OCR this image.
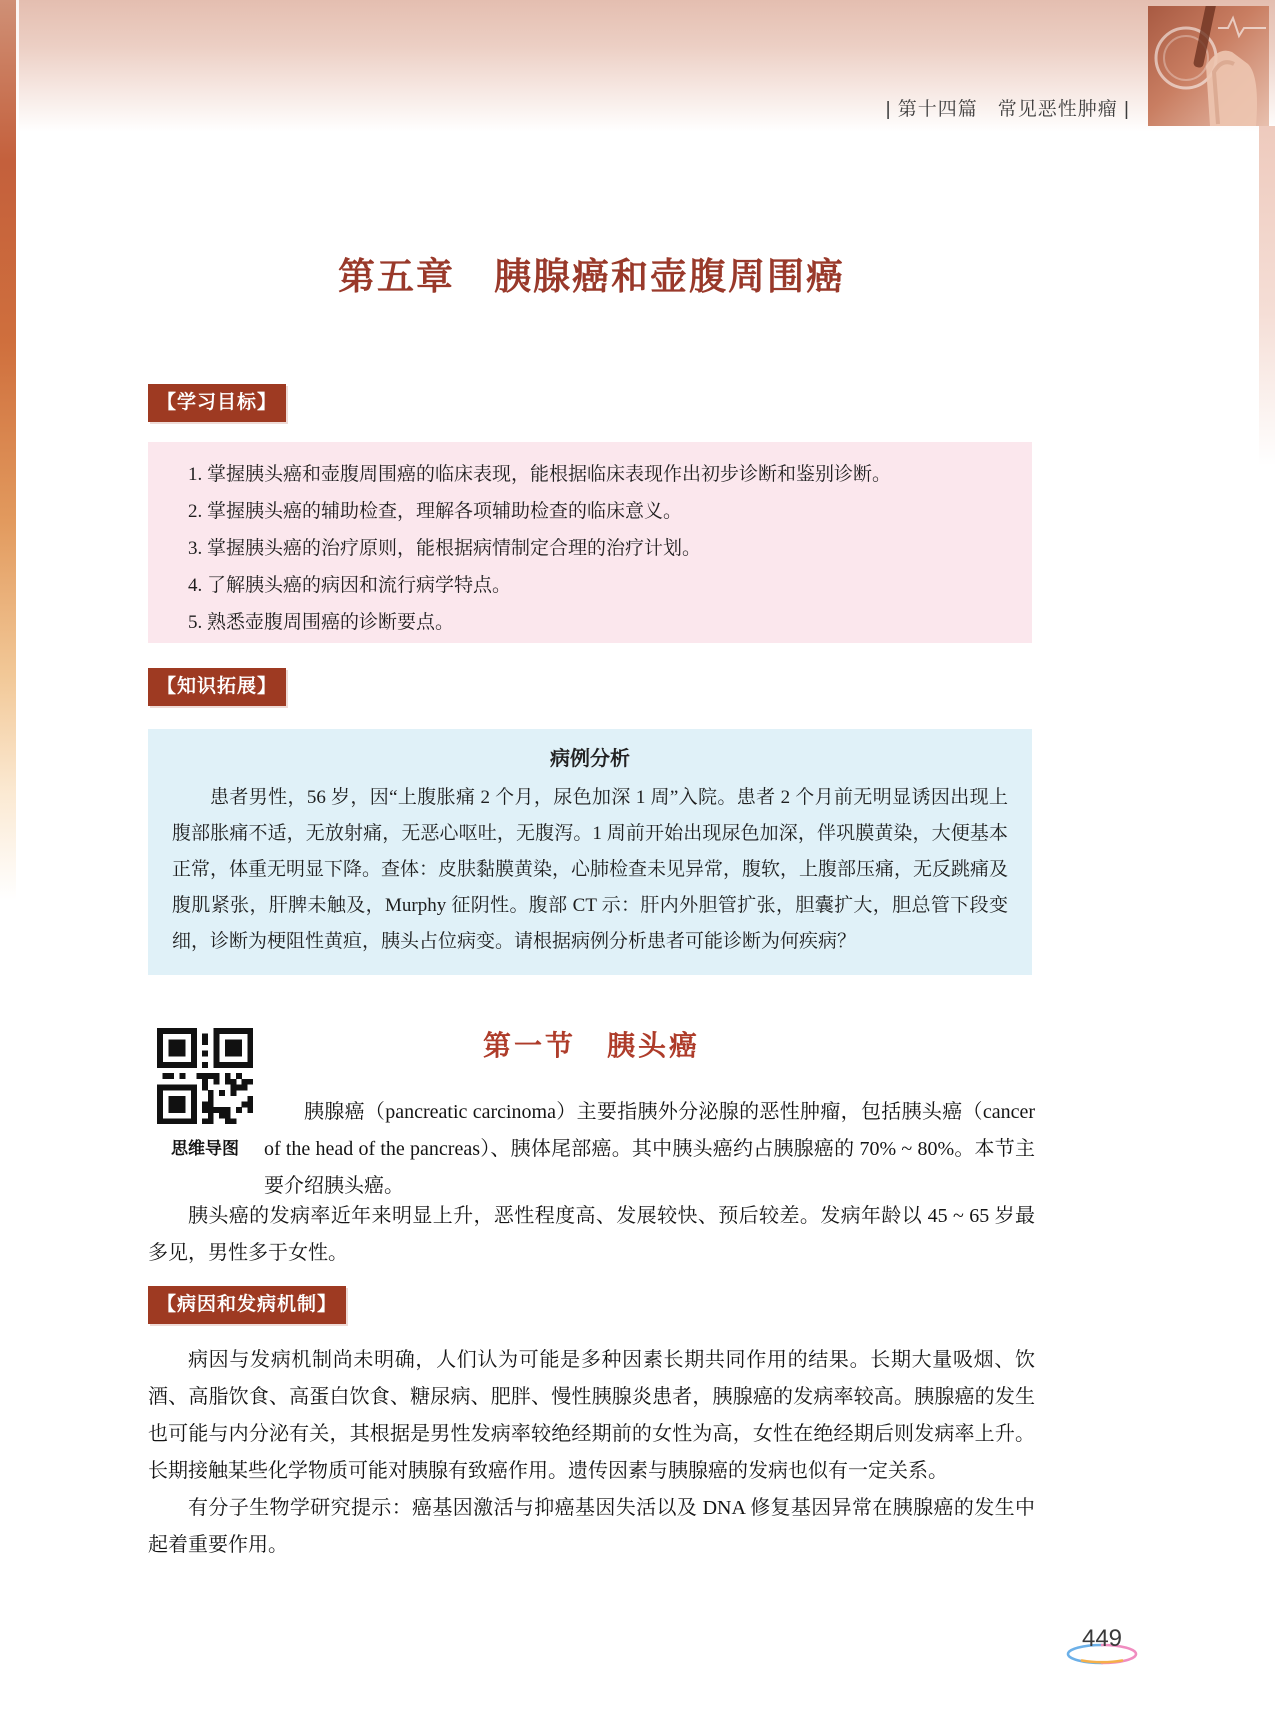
| 第十四篇　常见恶性肿瘤 |
第五章　胰腺癌和壶腹周围癌
【学习目标】
1. 掌握胰头癌和壶腹周围癌的临床表现，能根据临床表现作出初步诊断和鉴别诊断。
2. 掌握胰头癌的辅助检查，理解各项辅助检查的临床意义。
3. 掌握胰头癌的治疗原则，能根据病情制定合理的治疗计划。
4. 了解胰头癌的病因和流行病学特点。
5. 熟悉壶腹周围癌的诊断要点。
【知识拓展】
病例分析

患者男性，56 岁，因“上腹胀痛 2 个月，尿色加深 1 周”入院。患者 2 个月前无明显诱因出现上腹部胀痛不适，无放射痛，无恶心呕吐，无腹泻。1 周前开始出现尿色加深，伴巩膜黄染，大便基本正常，体重无明显下降。查体：皮肤黏膜黄染，心肺检查未见异常，腹软，上腹部压痛，无反跳痛及腹肌紧张，肝脾未触及，Murphy 征阴性。腹部 CT 示：肝内外胆管扩张，胆囊扩大，胆总管下段变细，诊断为梗阻性黄疸，胰头占位病变。请根据病例分析患者可能诊断为何疾病？

第一节　胰头癌
思维导图

胰腺癌（pancreatic carcinoma）主要指胰外分泌腺的恶性肿瘤，包括胰头癌（cancer of the head of the pancreas）、胰体尾部癌。其中胰头癌约占胰腺癌的 70% ~ 80%。本节主要介绍胰头癌。

胰头癌的发病率近年来明显上升，恶性程度高、发展较快、预后较差。发病年龄以 45 ~ 65 岁最多见，男性多于女性。

【病因和发病机制】

病因与发病机制尚未明确，人们认为可能是多种因素长期共同作用的结果。长期大量吸烟、饮酒、高脂饮食、高蛋白饮食、糖尿病、肥胖、慢性胰腺炎患者，胰腺癌的发病率较高。胰腺癌的发生也可能与内分泌有关，其根据是男性发病率较绝经期前的女性为高，女性在绝经期后则发病率上升。长期接触某些化学物质可能对胰腺有致癌作用。遗传因素与胰腺癌的发病也似有一定关系。

有分子生物学研究提示：癌基因激活与抑癌基因失活以及 DNA 修复基因异常在胰腺癌的发生中起着重要作用。

449
